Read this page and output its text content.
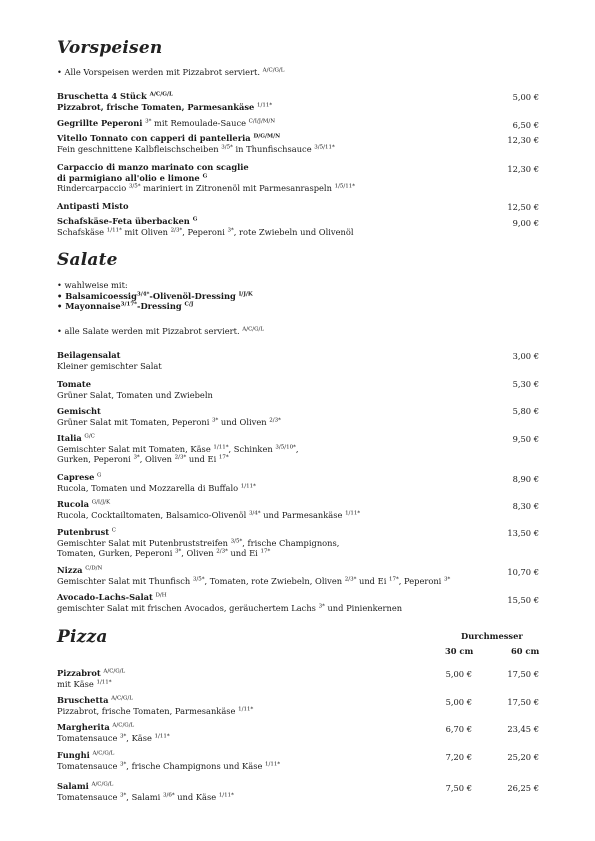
Vorspeisen
• Alle Vorspeisen werden mit Pizzabrot serviert. $^{A/C/G/L}$
Bruschetta 4 Stück $^{A/C/G/L}$
Pizzabrot, frische Tomaten, Parmesankäse $^{1/11*}$
5,00 €
Gegrillte Peperoni $^{3*}$ mit Remoulade-Sauce $^{C/I/J/M/N}$	6,50 €
Vitello Tonnato con capperi di pantelleria $^{D/G/M/N}$
Fein geschnittene Kalbfleischscheiben $^{3/5*}$ in Thunfischsauce $^{3/5/11*}$
12,30 €
Carpaccio di manzo marinato con scaglie
di parmigiano all'olio e limone $^G$
Rindercarpaccio $^{3/5*}$ mariniert in Zitronenöl mit Parmesanraspeln $^{1/5/11*}$
12,30 €
Antipasti Misto	12,50 €
Schafskäse-Feta überbacken $^G$
Schafskäse $^{1/11*}$ mit Oliven $^{2/3*}$, Peperoni $^{3*}$, rote Zwiebeln und Olivenöl
9,00 €
Salate
• wahlweise mit:
• Balsamicoessig$^{3/4*}$-Olivenöl-Dressing $^{I/J/K}$
• Mayonnaise$^{3/17*}$-Dressing $^{C/J}$
• alle Salate werden mit Pizzabrot serviert. $^{A/C/G/L}$
Beilagensalat
Kleiner gemischter Salat
3,00 €
Tomate
Grüner Salat, Tomaten und Zwiebeln
5,30 €
Gemischt
Grüner Salat mit Tomaten, Peperoni $^{3*}$ und Oliven $^{2/3*}$
5,80 €
Italia $^{G/C}$
Gemischter Salat mit Tomaten, Käse $^{1/11*}$, Schinken $^{3/5/10*}$,
Gurken, Peperoni $^{3*}$, Oliven $^{2/3*}$ und Ei $^{17*}$
9,50 €
Caprese $^G$
Rucola, Tomaten und Mozzarella di Buffalo $^{1/11*}$
8,90 €
Rucola $^{G/I/J/K}$
Rucola, Cocktailtomaten, Balsamico-Olivenöl $^{3/4*}$ und Parmesankäse $^{1/11*}$
8,30 €
Putenbrust $^C$
Gemischter Salat mit Putenbruststreifen $^{3/5*}$, frische Champignons,
Tomaten, Gurken, Peperoni $^{3*}$, Oliven $^{2/3*}$ und Ei $^{17*}$
13,50 €
Nizza $^{C/D/N}$
Gemischter Salat mit Thunfisch $^{3/5*}$, Tomaten, rote Zwiebeln, Oliven $^{2/3*}$ und Ei $^{17*}$, Peperoni $^{3*}$
10,70 €
Avocado-Lachs-Salat $^{D/H}$
gemischter Salat mit frischen Avocados, geräuchertem Lachs $^{3*}$ und Pinienkernen
15,50 €
Pizza	Durchmesser
30 cm	60 cm
Pizzabrot $^{A/C/G/L}$
mit Käse $^{1/11*}$
5,00 €	17,50 €
Bruschetta $^{A/C/G/L}$
Pizzabrot, frische Tomaten, Parmesankäse $^{1/11*}$
5,00 €	17,50 €
Margherita $^{A/C/G/L}$
Tomatensauce $^{3*}$, Käse $^{1/11*}$
6,70 €	23,45 €
Funghi $^{A/C/G/L}$
Tomatensauce $^{3*}$, frische Champignons und Käse $^{1/11*}$
7,20 €	25,20 €
Salami $^{A/C/G/L}$
Tomatensauce $^{3*}$, Salami $^{3/6*}$ und Käse $^{1/11*}$
7,50 €	26,25 €
